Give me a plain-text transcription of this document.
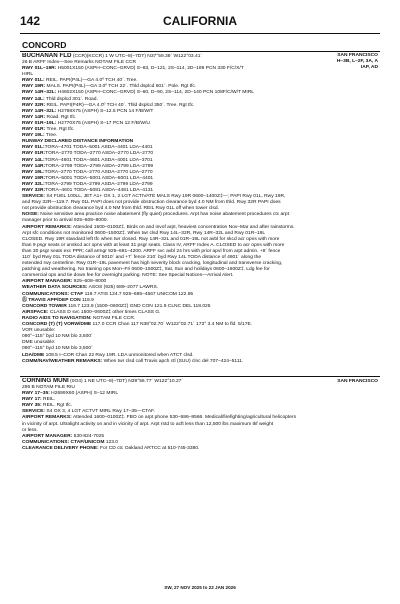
142	CALIFORNIA
CONCORD
SAN FRANCISCO
H–3B, L–2F, 3A, A
IAP, AD
BUCHANAN FLD (CCR)(KCCR) 1 W UTC–8(–7DT) N37°59.38´ W122°03.41´
26 B ARFF Index—See Remarks NOTAM FILE CCR
RWY 01L–19R: H5001X150 (ASPH–CONC–GRVD) S–83, D–121, 2S–114, 2D–189 PCN 330 F/C/X/T
HIRL
RWY 01L: REIL. PAPI(P4L)—GA 4.0º TCH 40´. Tree.
RWY 19R: MALS. PAPI(P4L)—GA 3.0º TCH 22´. Thld dsplcd 601´. Pole. Rgt tfc.
RWY 14R–32L: H4602X150 (ASPH–CONC–GRVD) S–60, D–90, 2S–114, 2D–140 PCN 108F/C/W/T MIRL
RWY 14L: Thld dsplcd 301´. Road.
RWY 32R: REIL. PAPI(P4R)—GA 4.0º TCH 40´. Thld dsplcd 350´. Tree. Rgt tfc.
RWY 14R–32L: H2798X75 (ASPH) S–12.5 PCN 14 F/B/W/T
RWY 14R: Road. Rgt tfc.
RWY 01R–19L: H2770X75 (ASPH) S–17 PCN 12 F/B/W/U
RWY 01R: Tree. Rgt tfc.
RWY 19L: Tree.
RUNWAY DECLARED DISTANCE INFORMATION
RWY 01L:TORA–4701 TODA–5001 ASDA–4401 LDA–4401
RWY 01R:TORA–2770 TODA–2770 ASDA–2770 LDA–2770
RWY 14L:TORA–4601 TODA–4601 ASDA–4001 LDA–3701
RWY 14R:TORA–2799 TODA–2799 ASDA–2799 LDA–2799
RWY 19L:TORA–2770 TODA–2770 ASDA–2770 LDA–2770
RWY 19R:TORA–5001 TODA–5001 ASDA–5001 LDA–4401
RWY 32L:TORA–2799 TODA–2799 ASDA–2799 LDA–2799
RWY 32R:TORA–4601 TODA–5081 ASDA–4481 LDA–4131
SERVICE: S4 FUEL 100LL, JET A1+ OX 1, 2 LGT ACTIVATE MALS Rwy 19R 0600–1400Z‡—; PAPI Rwy 01L, Rwy 19R,
and Rwy 32R—119.7. Rwy 01L PAPI does not provide obstruction clearance byd 4.0 NM from thld. Rwy 32R PAPI does
not provide obstruction clearance byd 4.0 NM from thld. REIL Rwy 01L off when tower clsd.
NOISE: Noise sensitive area practice noise abatement (fly quiet) procedures. Arpt has noise abatement procedures ctc arpt
manager prior to arrival 925–608–8000.
AIRPORT REMARKS: Attended 1500–0100Z‡. Birds on and invof arpt, heaviest concentration Nov–Mar and after rainstorms.
Arpt sfc conditions not monitored 0600–1500Z‡. When twr clsd Rwy 14L–32R, Rwy 14R–32L and Rwy 01R–19L
CLOSED. Rwy 19R standard left tfc when twr closed. Rwy 14R–32L and 01R–19L not avbl for skcd acr opns with more
than 9 psgr seats or unskcd acr opns with at least 31 psgr seats. Class IV, ARFF Index A. CLOSED to acr opns with more
than 30 psgr seats exc PPR; call armgr 925–681–4200. ARFF svc avbl 24 hrs with prior apvl from arpt admin. +8´ fence
110´ byd Rwy 01L TODA distance of 5010´ and +7´ fence 210´ byd Rwy 14L TODA distance of 4601´ along the
extended rwy centerline. Rwy 01R–19L pavement has high severity block cracking, longitudinal and transverse cracking,
patching and weathering. No training ops Mon–Fri 0600–1500Z‡, Sat, Sun and holidays 0600–1600Z‡. Ldg fee for
commercial ops and tie down fee for overnight parking. NOTE: See Special Notices—Arrival Alert.
AIRPORT MANAGER: 925–608–8000
WEATHER DATA SOURCES: ASOS (925) 689–2077 LAWRS.
COMMUNICATIONS: CTAF 119.7 ATIS 124.7 925–685–4567 UNICOM 122.95
Ⓡ TRAVIS APP/DEP CON 119.9
CONCORD TOWER 119.7 123.9 (1500–0600Z‡) GND CON 121.9 CLNC DEL 118.025
AIRSPACE: CLASS D svc 1500–0600Z‡ other times CLASS G.
RADIO AIDS TO NAVIGATION: NOTAM FILE CCR.
CONCORD (T) (T) VORW/DME 117.0 CCR Chan 117 N38°02.70´ W122°02.71´ 173° 3.4 NM to fld. 5/17E.
VOR unusable:
090°–115° byd 10 NM blo 3,500´
DME unusable:
090°–115° byd 10 NM blo 3,500´
LDA/DME 108.5 I–COR Chan 22 Rwy 19R. LDA unmonitored when ATCT clsd.
COMM/NAV/WEATHER REMARKS: When twr clsd call Travis apch ctl (SUU) clnc del 707–424–5111.
SAN FRANCISCO
CORNING MUNI (0O4) 1 NE UTC–8(–7DT) N39°56.77´ W122°10.27´
295 B NOTAM FILE RIU
RWY 17–35: H2699X60 (ASPH) S–12 MIRL
RWY 17: REIL.
RWY 35: REIL. Rgt tfc.
SERVICE: S4 OX 3, 4 LGT ACTVT MIRL Rwy 17–35—CTAF.
AIRPORT REMARKS: Attended 1600–0100Z‡. FBO on arpt phone 530–586–8566. Medical/firefighting/agricultural helicopters
in vicinity of arpt. Ultralight activity on and in vicinity of arpt. Arpt rstd to acft less than 12,500 lbs maximum tkf weight
or less.
AIRPORT MANAGER: 530-824-7025
COMMUNICATIONS: CTAF/UNICOM 123.0
CLEARANCE DELIVERY PHONE: For CD ctc Oakland ARTCC at 510-745-3380.
SW, 27 NOV 2025 to 22 JAN 2026
